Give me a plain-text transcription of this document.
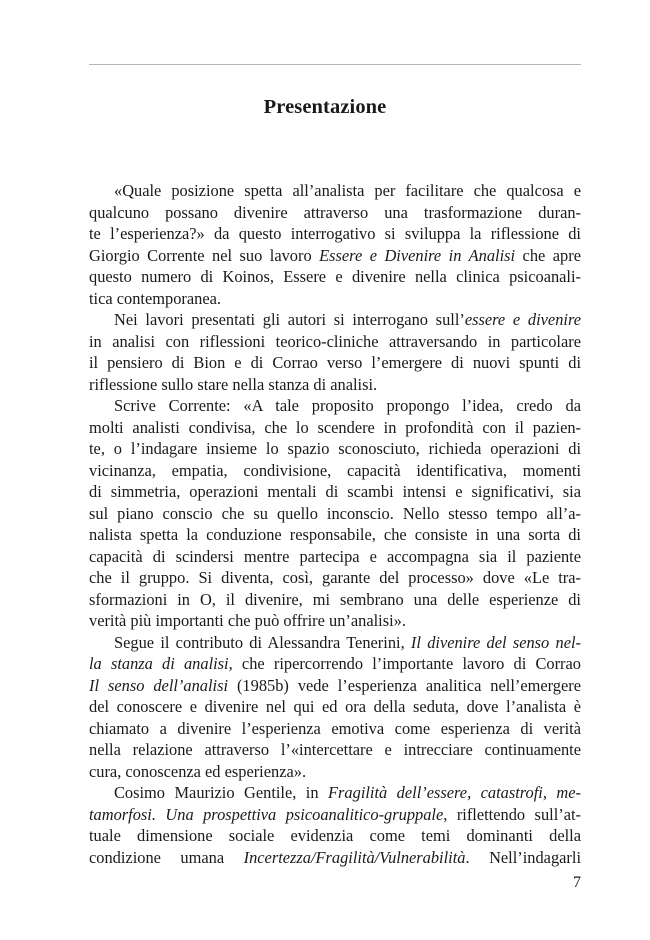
Presentazione
«Quale posizione spetta all’analista per facilitare che qualcosa e
qualcuno possano divenire attraverso una trasformazione duran-
te l’esperienza?» da questo interrogativo si sviluppa la riflessione di
Giorgio Corrente nel suo lavoro Essere e Divenire in Analisi che apre
questo numero di Koinos, Essere e divenire nella clinica psicoanali-
tica contemporanea.
Nei lavori presentati gli autori si interrogano sull’essere e divenire
in analisi con riflessioni teorico-cliniche attraversando in particolare
il pensiero di Bion e di Corrao verso l’emergere di nuovi spunti di
riflessione sullo stare nella stanza di analisi.
Scrive Corrente: «A tale proposito propongo l’idea, credo da
molti analisti condivisa, che lo scendere in profondità con il pazien-
te, o l’indagare insieme lo spazio sconosciuto, richieda operazioni di
vicinanza, empatia, condivisione, capacità identificativa, momenti
di simmetria, operazioni mentali di scambi intensi e significativi, sia
sul piano conscio che su quello inconscio. Nello stesso tempo all’a-
nalista spetta la conduzione responsabile, che consiste in una sorta di
capacità di scindersi mentre partecipa e accompagna sia il paziente
che il gruppo. Si diventa, così, garante del processo» dove «Le tra-
sformazioni in O, il divenire, mi sembrano una delle esperienze di
verità più importanti che può offrire un’analisi».
Segue il contributo di Alessandra Tenerini, Il divenire del senso nel-
la stanza di analisi, che ripercorrendo l’importante lavoro di Corrao
Il senso dell’analisi (1985b) vede l’esperienza analitica nell’emergere
del conoscere e divenire nel qui ed ora della seduta, dove l’analista è
chiamato a divenire l’esperienza emotiva come esperienza di verità
nella relazione attraverso l’«intercettare e intrecciare continuamente
cura, conoscenza ed esperienza».
Cosimo Maurizio Gentile, in Fragilità dell’essere, catastrofi, me-
tamorfosi. Una prospettiva psicoanalitico-gruppale, riflettendo sull’at-
tuale dimensione sociale evidenzia come temi dominanti della
condizione umana Incertezza/Fragilità/Vulnerabilità. Nell’indagarli
7
